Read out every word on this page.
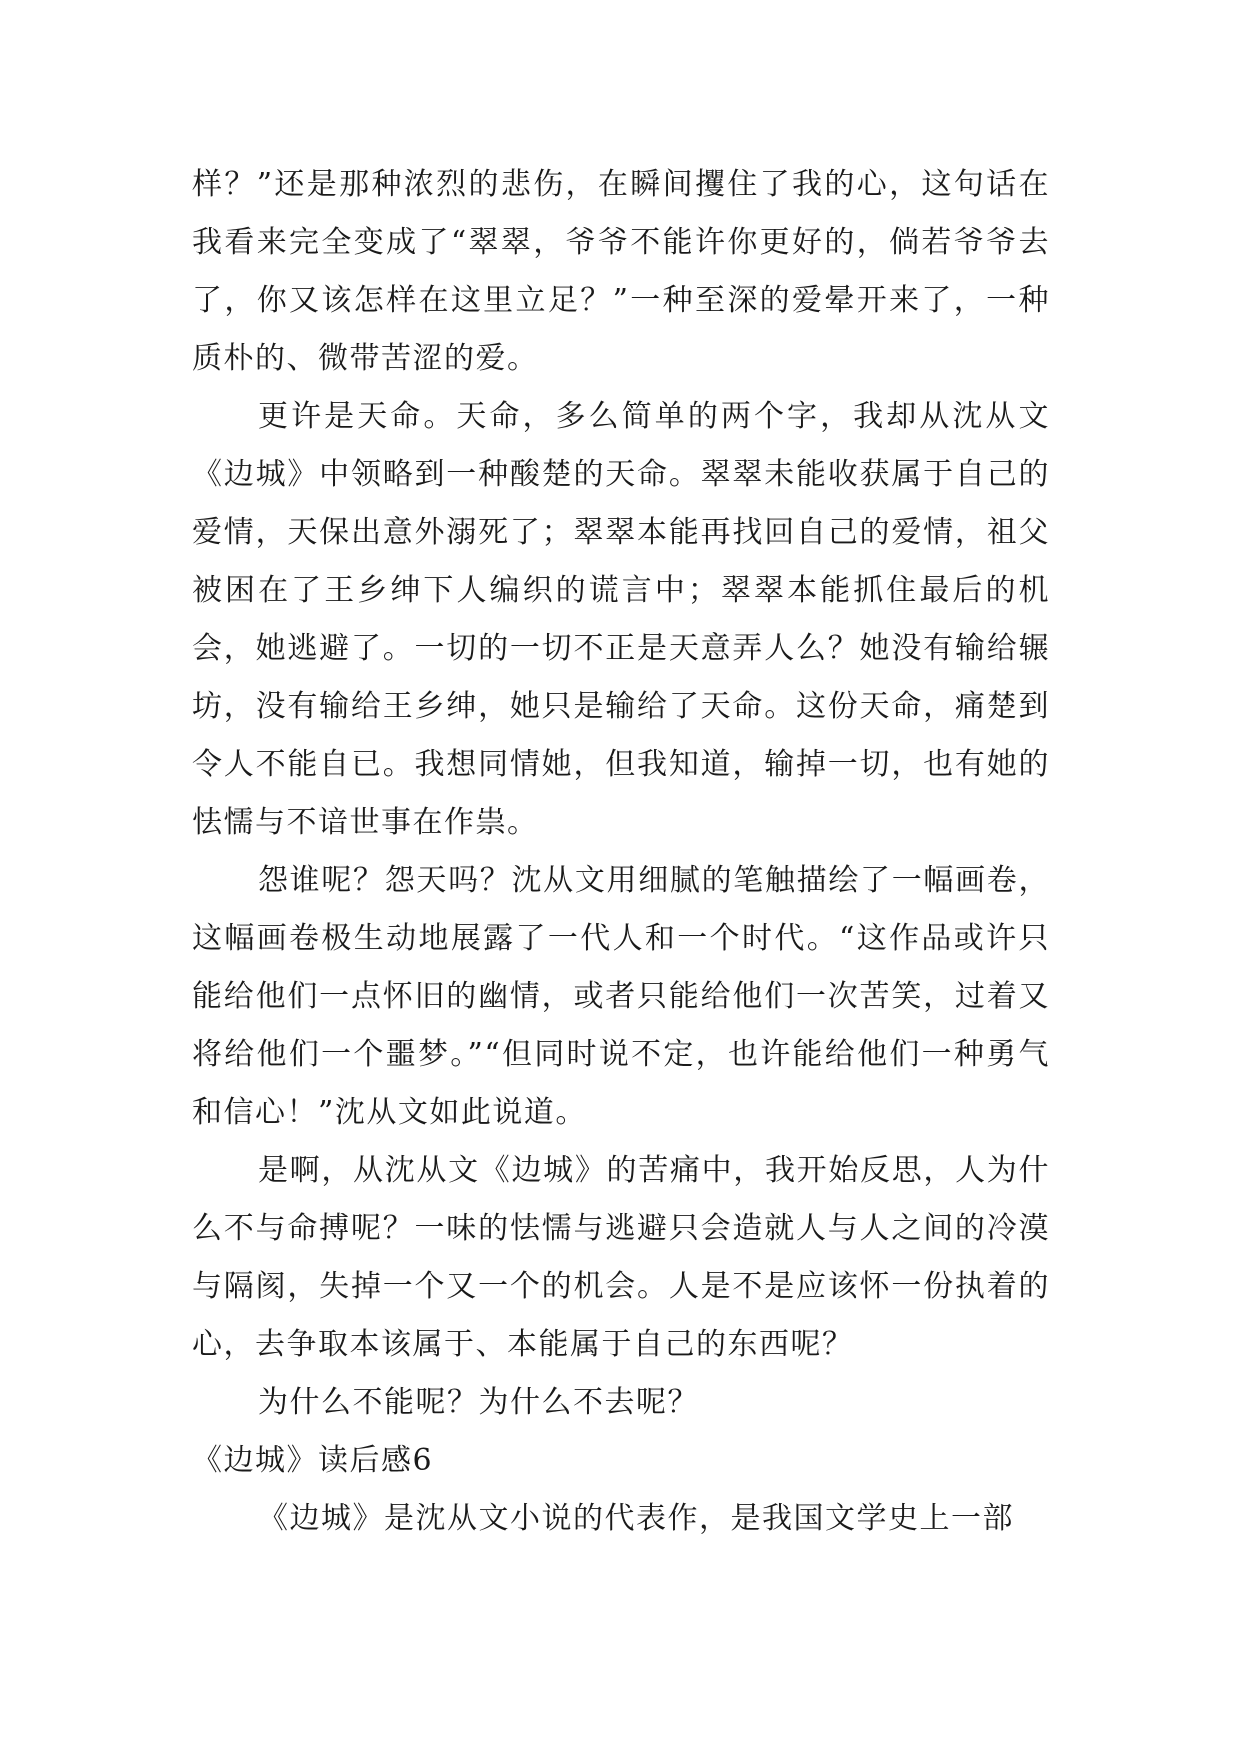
样？”还是那种浓烈的悲伤，在瞬间攫住了我的心，这句话在我看来完全变成了“翠翠，爷爷不能许你更好的，倘若爷爷去了，你又该怎样在这里立足？”一种至深的爱晕开来了，一种质朴的、微带苦涩的爱。

更许是天命。天命，多么简单的两个字，我却从沈从文《边城》中领略到一种酸楚的天命。翠翠未能收获属于自己的爱情，天保出意外溺死了；翠翠本能再找回自己的爱情，祖父被困在了王乡绅下人编织的谎言中；翠翠本能抓住最后的机会，她逃避了。一切的一切不正是天意弄人么？她没有输给辗坊，没有输给王乡绅，她只是输给了天命。这份天命，痛楚到令人不能自已。我想同情她，但我知道，输掉一切，也有她的怯懦与不谙世事在作祟。

怨谁呢？怨天吗？沈从文用细腻的笔触描绘了一幅画卷，这幅画卷极生动地展露了一代人和一个时代。“这作品或许只能给他们一点怀旧的幽情，或者只能给他们一次苦笑，过着又将给他们一个噩梦。”“但同时说不定，也许能给他们一种勇气和信心！”沈从文如此说道。

是啊，从沈从文《边城》的苦痛中，我开始反思，人为什么不与命搏呢？一味的怯懦与逃避只会造就人与人之间的冷漠与隔阂，失掉一个又一个的机会。人是不是应该怀一份执着的心，去争取本该属于、本能属于自己的东西呢？

为什么不能呢？为什么不去呢？

《边城》读后感6

《边城》是沈从文小说的代表作，是我国文学史上一部
